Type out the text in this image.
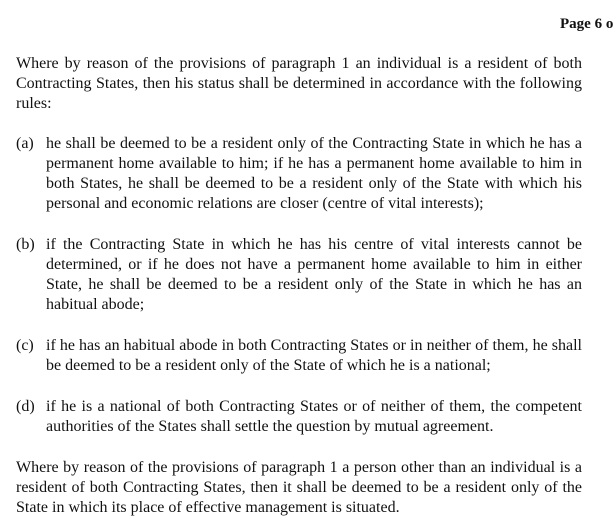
Page 6 o

Where by reason of the provisions of paragraph 1 an individual is a resident of both Contracting States, then his status shall be determined in accordance with the following rules:

(a) he shall be deemed to be a resident only of the Contracting State in which he has a permanent home available to him; if he has a permanent home available to him in both States, he shall be deemed to be a resident only of the State with which his personal and economic relations are closer (centre of vital interests);
(b) if the Contracting State in which he has his centre of vital interests cannot be determined, or if he does not have a permanent home available to him in either State, he shall be deemed to be a resident only of the State in which he has an habitual abode;
(c) if he has an habitual abode in both Contracting States or in neither of them, he shall be deemed to be a resident only of the State of which he is a national;
(d) if he is a national of both Contracting States or of neither of them, the competent authorities of the States shall settle the question by mutual agreement.

Where by reason of the provisions of paragraph 1 a person other than an individual is a resident of both Contracting States, then it shall be deemed to be a resident only of the State in which its place of effective management is situated.
